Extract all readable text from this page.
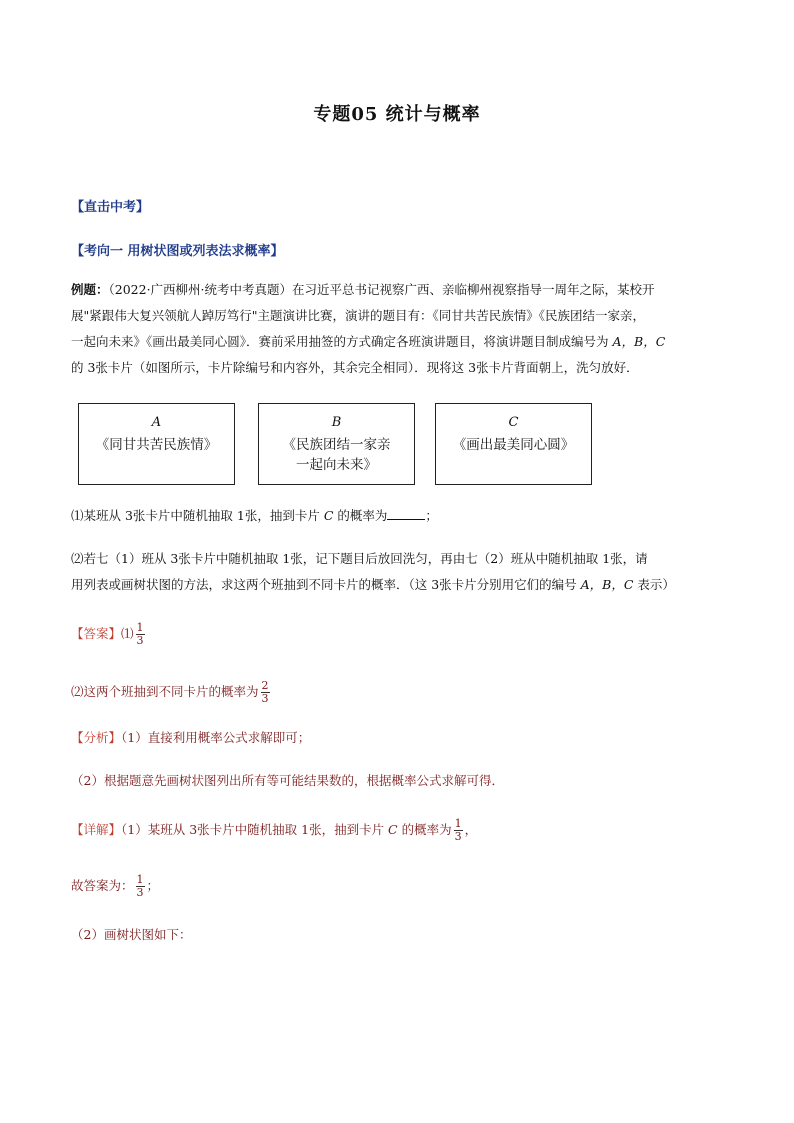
专题05 统计与概率
【直击中考】
【考向一 用树状图或列表法求概率】
例题：（2022·广西柳州·统考中考真题）在习近平总书记视察广西、亲临柳州视察指导一周年之际，某校开
展"紧跟伟大复兴领航人踔厉笃行"主题演讲比赛，演讲的题目有：《同甘共苦民族情》《民族团结一家亲，
一起向未来》《画出最美同心圆》．赛前采用抽签的方式确定各班演讲题目，将演讲题目制成编号为 A，B，C
的 3张卡片（如图所示，卡片除编号和内容外，其余完全相同）．现将这 3张卡片背面朝上，洗匀放好．
A
《同甘共苦民族情》
B
《民族团结一家亲
一起向未来》
C
《画出最美同心圆》
⑴某班从 3张卡片中随机抽取 1张，抽到卡片 C 的概率为	；
⑵若七（1）班从 3张卡片中随机抽取 1张，记下题目后放回洗匀，再由七（2）班从中随机抽取 1张，请
用列表或画树状图的方法，求这两个班抽到不同卡片的概率．（这 3张卡片分别用它们的编号 A，B，C 表示）
【答案】⑴ $\frac{1}{3}$
⑵这两个班抽到不同卡片的概率为 $\frac{2}{3}$
【分析】（1）直接利用概率公式求解即可；
（2）根据题意先画树状图列出所有等可能结果数的，根据概率公式求解可得．
【详解】（1）某班从 3张卡片中随机抽取 1张，抽到卡片 C 的概率为 $\frac{1}{3}$ ，
故答案为： $\frac{1}{3}$ ；
（2）画树状图如下：
